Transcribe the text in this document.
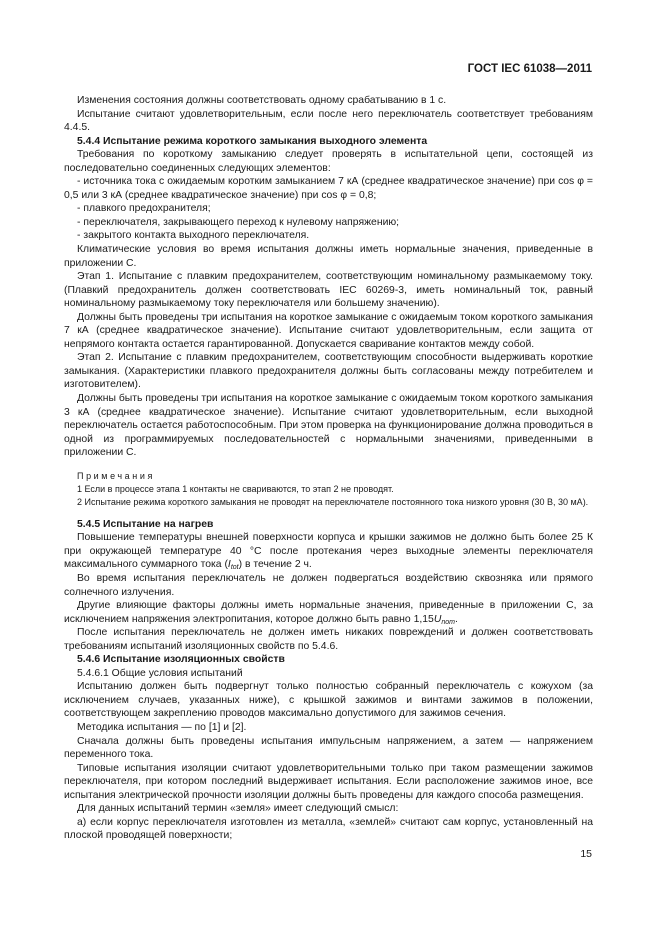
ГОСТ IEC 61038—2011

Изменения состояния должны соответствовать одному срабатыванию в 1 с.

Испытание считают удовлетворительным, если после него переключатель соответствует требованиям 4.4.5.

5.4.4 Испытание режима короткого замыкания выходного элемента

Требования по короткому замыканию следует проверять в испытательной цепи, состоящей из последовательно соединенных следующих элементов:

- источника тока с ожидаемым коротким замыканием 7 кА (среднее квадратическое значение) при cos φ = 0,5 или 3 кА (среднее квадратическое значение) при cos φ = 0,8;

- плавкого предохранителя;

- переключателя, закрывающего переход к нулевому напряжению;

- закрытого контакта выходного переключателя.

Климатические условия во время испытания должны иметь нормальные значения, приведенные в приложении С.

Этап 1. Испытание с плавким предохранителем, соответствующим номинальному размыкаемому току. (Плавкий предохранитель должен соответствовать IEC 60269-3, иметь номинальный ток, равный номинальному размыкаемому току переключателя или большему значению).

Должны быть проведены три испытания на короткое замыкание с ожидаемым током короткого замыкания 7 кА (среднее квадратическое значение). Испытание считают удовлетворительным, если защита от непрямого контакта остается гарантированной. Допускается сваривание контактов между собой.

Этап 2. Испытание с плавким предохранителем, соответствующим способности выдерживать короткие замыкания. (Характеристики плавкого предохранителя должны быть согласованы между потребителем и изготовителем).

Должны быть проведены три испытания на короткое замыкание с ожидаемым током короткого замыкания 3 кА (среднее квадратическое значение). Испытание считают удовлетворительным, если выходной переключатель остается работоспособным. При этом проверка на функционирование должна проводиться в одной из программируемых последовательностей с нормальными значениями, приведенными в приложении С.

Примечания

1 Если в процессе этапа 1 контакты не свариваются, то этап 2 не проводят.

2 Испытание режима короткого замыкания не проводят на переключателе постоянного тока низкого уровня (30 В, 30 мА).

5.4.5 Испытание на нагрев

Повышение температуры внешней поверхности корпуса и крышки зажимов не должно быть более 25 К при окружающей температуре 40 °С после протекания через выходные элементы переключателя максимального суммарного тока $(I_{tot})$ в течение 2 ч.

Во время испытания переключатель не должен подвергаться воздействию сквозняка или прямого солнечного излучения.

Другие влияющие факторы должны иметь нормальные значения, приведенные в приложении С, за исключением напряжения электропитания, которое должно быть равно $1,15U_{nom}$.

После испытания переключатель не должен иметь никаких повреждений и должен соответствовать требованиям испытаний изоляционных свойств по 5.4.6.

5.4.6 Испытание изоляционных свойств

5.4.6.1 Общие условия испытаний

Испытанию должен быть подвергнут только полностью собранный переключатель с кожухом (за исключением случаев, указанных ниже), с крышкой зажимов и винтами зажимов в положении, соответствующем закреплению проводов максимально допустимого для зажимов сечения.

Методика испытания — по [1] и [2].

Сначала должны быть проведены испытания импульсным напряжением, а затем — напряжением переменного тока.

Типовые испытания изоляции считают удовлетворительными только при таком размещении зажимов переключателя, при котором последний выдерживает испытания. Если расположение зажимов иное, все испытания электрической прочности изоляции должны быть проведены для каждого способа размещения.

Для данных испытаний термин «земля» имеет следующий смысл:

а) если корпус переключателя изготовлен из металла, «землей» считают сам корпус, установленный на плоской проводящей поверхности;

15
